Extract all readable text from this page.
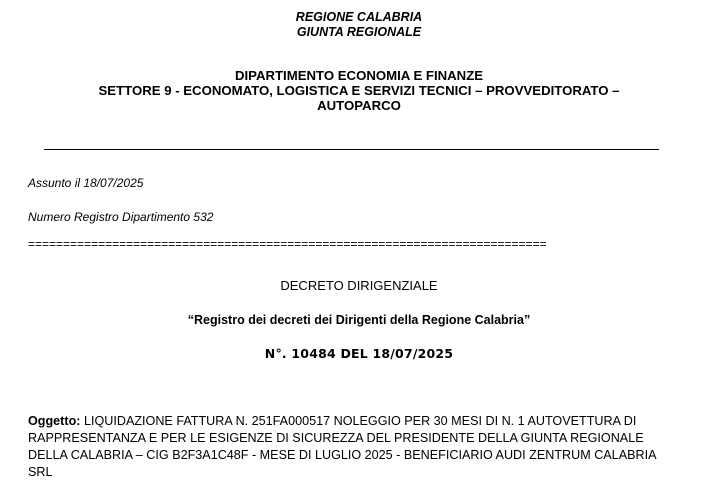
REGIONE CALABRIA
GIUNTA REGIONALE
DIPARTIMENTO ECONOMIA E FINANZE
SETTORE 9 - ECONOMATO, LOGISTICA E SERVIZI TECNICI – PROVVEDITORATO –
AUTOPARCO
Assunto il 18/07/2025
Numero Registro Dipartimento 532
==========================================================================
DECRETO DIRIGENZIALE
“Registro dei decreti dei Dirigenti della Regione Calabria”
N°. 10484 DEL 18/07/2025
Oggetto: LIQUIDAZIONE FATTURA N. 251FA000517 NOLEGGIO PER 30 MESI DI N. 1 AUTOVETTURA DI RAPPRESENTANZA E PER LE ESIGENZE DI SICUREZZA DEL PRESIDENTE DELLA GIUNTA REGIONALE DELLA CALABRIA – CIG B2F3A1C48F - MESE DI LUGLIO 2025 - BENEFICIARIO AUDI ZENTRUM CALABRIA SRL
